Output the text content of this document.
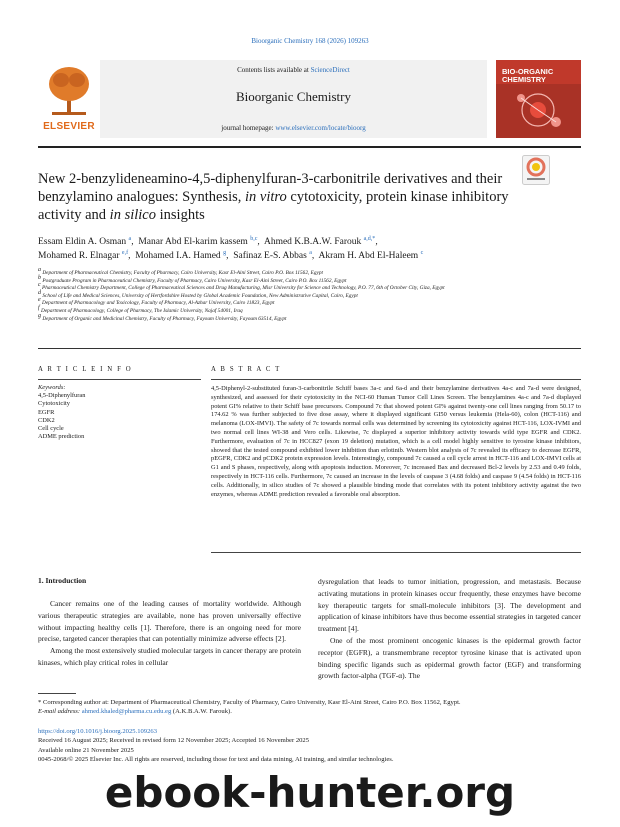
Bioorganic Chemistry 168 (2026) 109263
ELSEVIER
Contents lists available at ScienceDirect
Bioorganic Chemistry
journal homepage: www.elsevier.com/locate/bioorg
BIO-ORGANIC CHEMISTRY
New 2-benzylideneamino-4,5-diphenylfuran-3-carbonitrile derivatives and their benzylamino analogues: Synthesis, in vitro cytotoxicity, protein kinase inhibitory activity and in silico insights
Essam Eldin A. Osman $^a$,  Manar Abd El-karim kassem $^{b,c}$,  Ahmed K.B.A.W. Farouk $^{a,d,*}$,
Mohamed R. Elnagar $^{e,f}$,  Mohamed I.A. Hamed $^g$,  Safinaz E-S. Abbas $^a$,  Akram H. Abd El-Haleem $^c$
$^a$ Department of Pharmaceutical Chemistry, Faculty of Pharmacy, Cairo University, Kasr El-Aini Street, Cairo P.O. Box 11562, Egypt
$^b$ Postgraduate Program in Pharmaceutical Chemistry, Faculty of Pharmacy, Cairo University, Kasr El-Aini Street, Cairo P.O. Box 11562, Egypt
$^c$ Pharmaceutical Chemistry Department, College of Pharmaceutical Sciences and Drug Manufacturing, Misr University for Science and Technology, P.O. 77, 6th of October City, Giza, Egypt
$^d$ School of Life and Medical Sciences, University of Hertfordshire Hosted by Global Academic Foundation, New Administrative Capital, Cairo, Egypt
$^e$ Department of Pharmacology and Toxicology, Faculty of Pharmacy, Al-Azhar University, Cairo 11823, Egypt
$^f$ Department of Pharmacology, College of Pharmacy, The Islamic University, Najaf 54001, Iraq
$^g$ Department of Organic and Medicinal Chemistry, Faculty of Pharmacy, Fayoum University, Fayoum 63514, Egypt
A R T I C L E I N F O	A B S T R A C T
Keywords:
4,5-Diphenylfuran
Cytotoxicity
EGFR
CDK2
Cell cycle
ADME prediction
4,5-Diphenyl-2-substituted furan-3-carbonitrile Schiff bases 3a-c and 6a-d and their benzylamine derivatives 4a-c and 7a-d were designed, synthesized, and assessed for their cytotoxicity in the NCI-60 Human Tumor Cell Lines Screen. The benzylamines 4a-c and 7a-d displayed potent GI% relative to their Schiff base precursors. Compound 7c that showed potent GI% against twenty-one cell lines ranging from 50.17 to 174.62 % was further subjected to five dose assay, where it displayed significant GI50 versus leukemia (Hela-60), colon (HCT-116) and melanoma (LOX-IMVI). The safety of 7c towards normal cells was determined by screening its cytotoxicity against HCT-116, LOX-IVMI and two normal cell lines WI-38 and Vero cells. Likewise, 7c displayed a superior inhibitory activity towards wild type EGFR and CDK2. Furthermore, evaluation of 7c in HCC827 (exon 19 deletion) mutation, which is a cell model highly sensitive to tyrosine kinase inhibitors, showed that the tested compound exhibited lower inhibition than erlotinib. Western blot analysis of 7c revealed its efficacy to decrease EGFR, pEGFR, CDK2 and pCDK2 protein expression levels. Interestingly, compound 7c caused a cell cycle arrest in HCT-116 and LOX-IMVI cells at G1 and S phases, respectively, along with apoptosis induction. Moreover, 7c increased Bax and decreased Bcl-2 levels by 2.53 and 0.49 folds, respectively in HCT-116 cells. Furthermore, 7c caused an increase in the levels of caspase 3 (4.68 folds) and caspase 9 (4.54 folds) in HCT-116 cells. Additionally, in silico studies of 7c showed a plausible binding mode that correlates with its potent inhibitory activity against the two enzymes, whereas ADME prediction revealed a favorable oral absorption.
1. Introduction
Cancer remains one of the leading causes of mortality worldwide. Although various therapeutic strategies are available, none has proven universally effective without impacting healthy cells [1]. Therefore, there is an ongoing need for more precise, targeted cancer therapies that can potentially minimize adverse effects [2].
Among the most extensively studied molecular targets in cancer therapy are protein kinases, which play critical roles in cellular
dysregulation that leads to tumor initiation, progression, and metastasis. Because activating mutations in protein kinases occur frequently, these enzymes have become key therapeutic targets for small-molecule inhibitors [3]. The development and application of kinase inhibitors have thus become essential strategies in targeted cancer treatment [4].
One of the most prominent oncogenic kinases is the epidermal growth factor receptor (EGFR), a transmembrane receptor tyrosine kinase that is activated upon binding specific ligands such as epidermal growth factor (EGF) and transforming growth factor-alpha (TGF-α). The
* Corresponding author at: Department of Pharmaceutical Chemistry, Faculty of Pharmacy, Cairo University, Kasr El-Aini Street, Cairo P.O. Box 11562, Egypt.
E-mail address: ahmed.khaled@pharma.cu.edu.eg (A.K.B.A.W. Farouk).
https://doi.org/10.1016/j.bioorg.2025.109263
Received 16 August 2025; Received in revised form 12 November 2025; Accepted 16 November 2025
Available online 21 November 2025
0045-2068/© 2025 Elsevier Inc. All rights are reserved, including those for text and data mining, AI training, and similar technologies.
ebook-hunter.org
